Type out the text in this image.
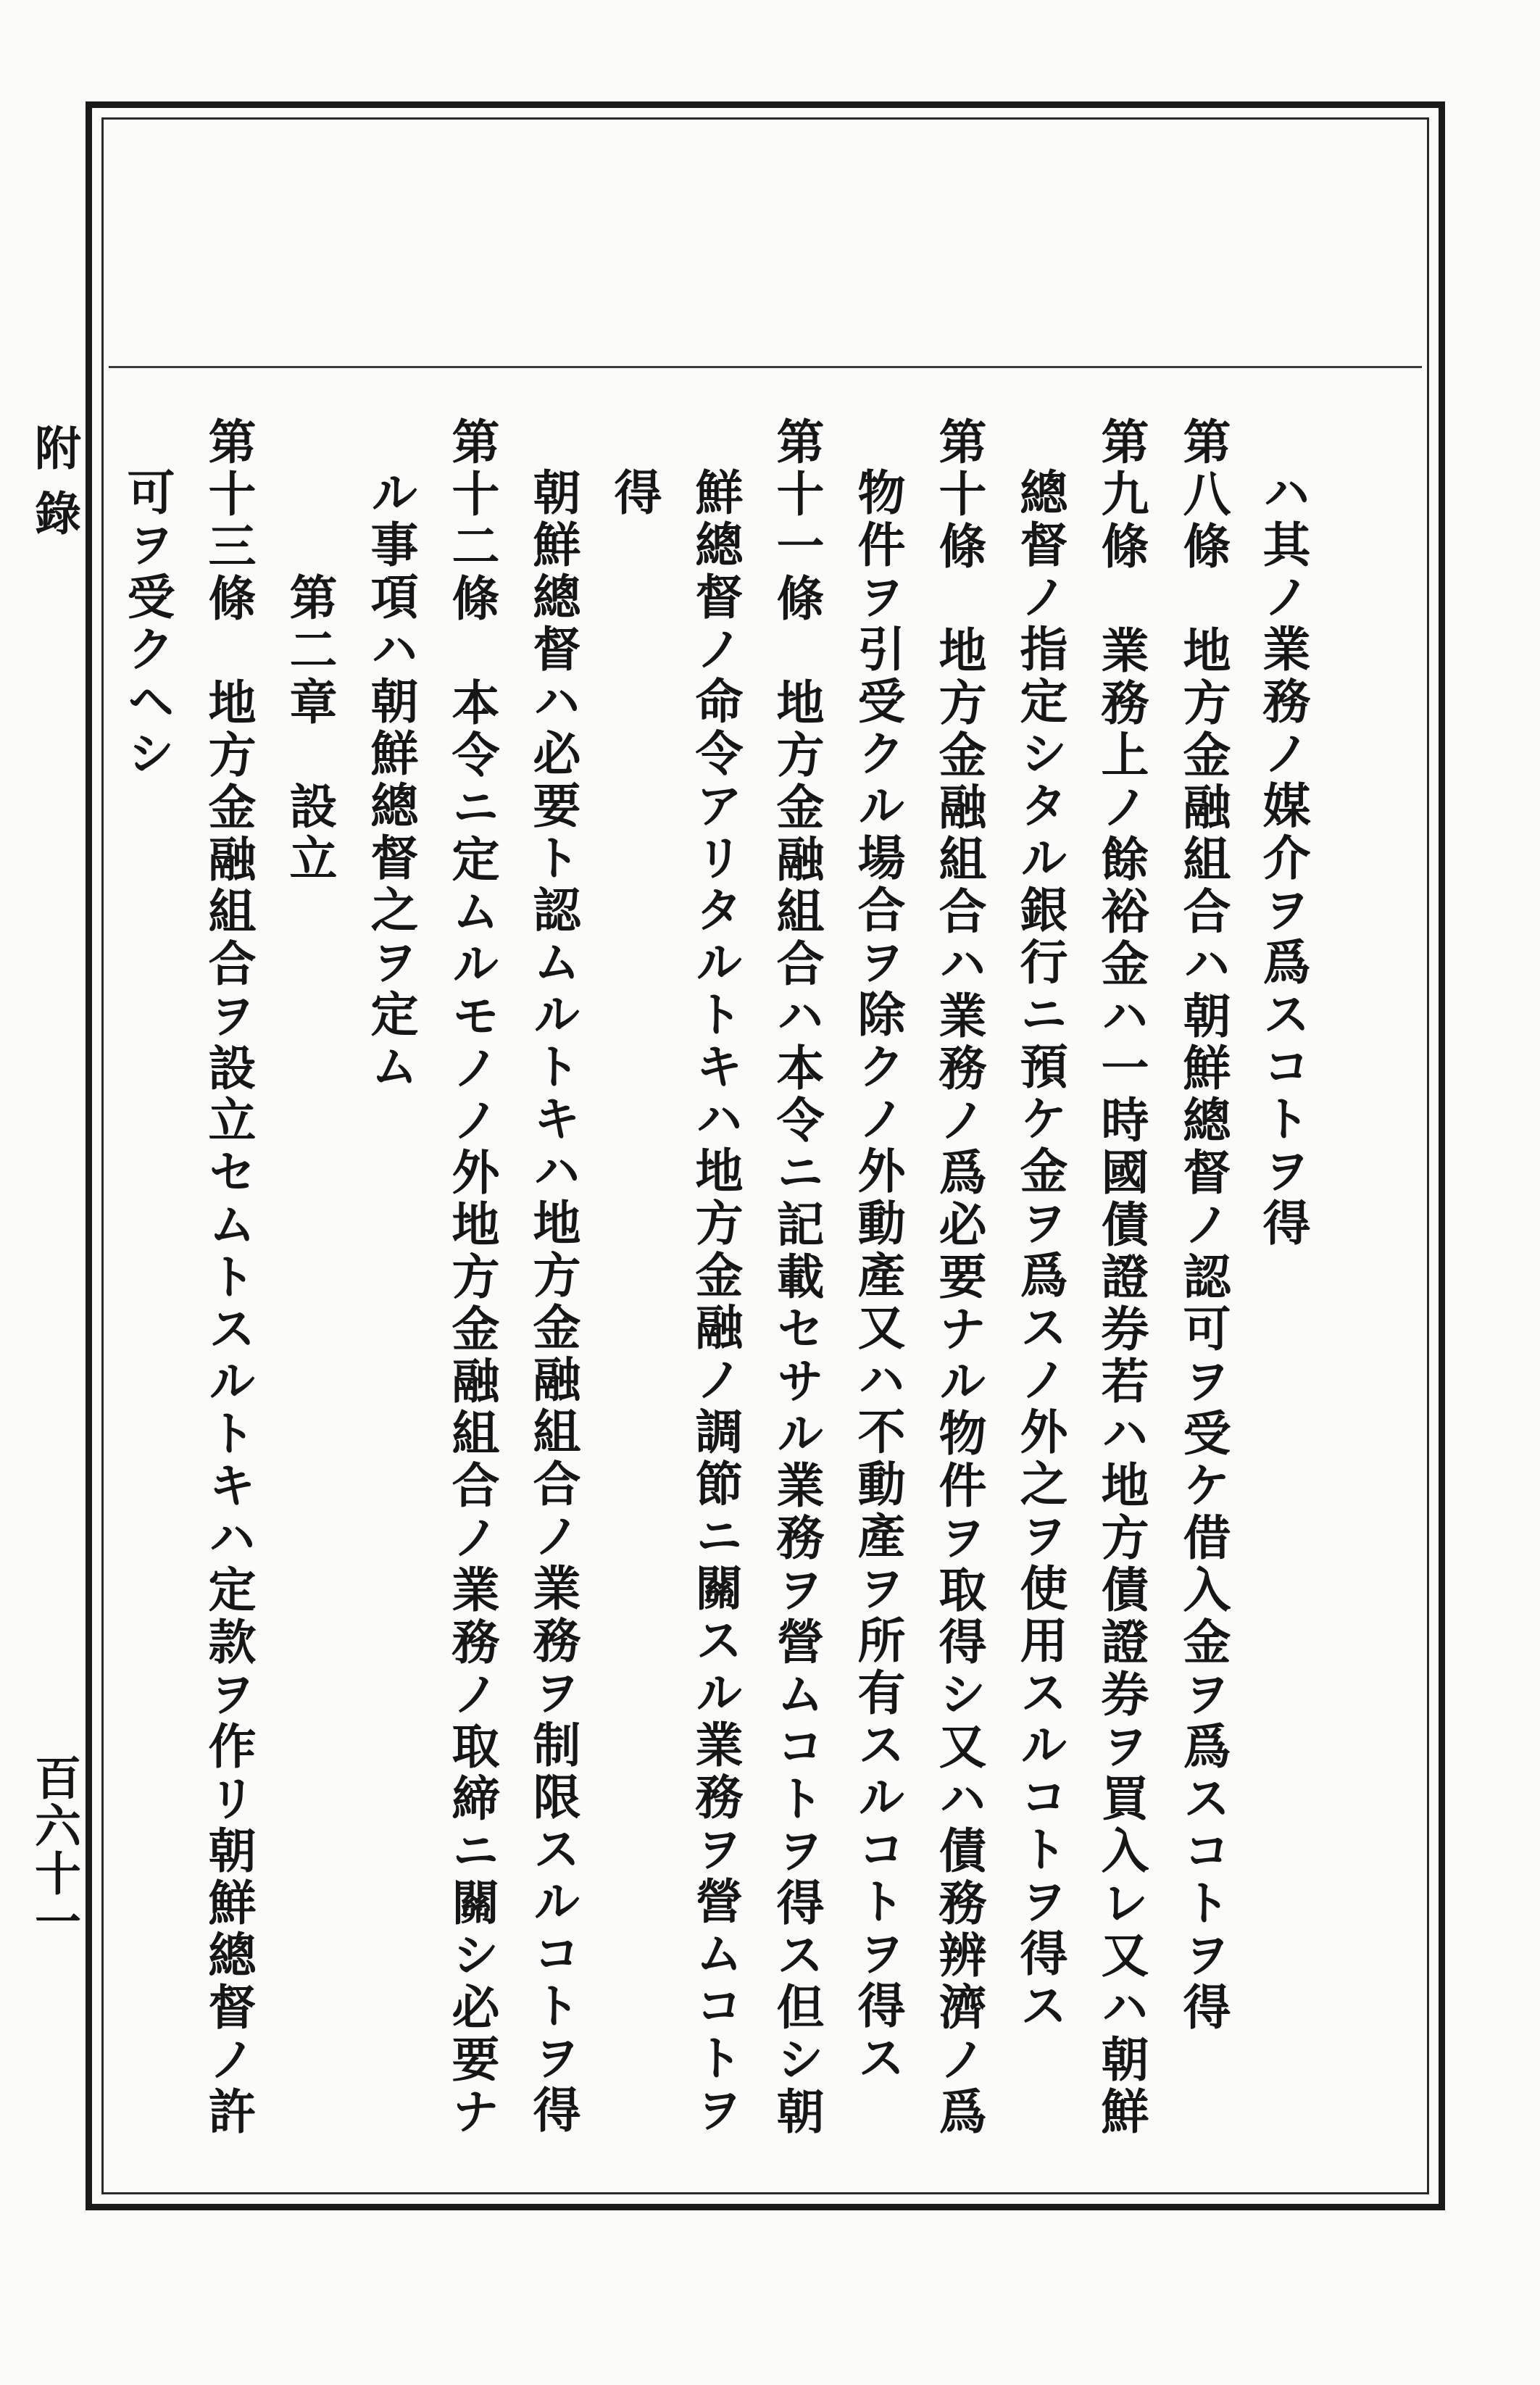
附錄
百六十一
ハ其ノ業務ノ媒介ヲ爲スコトヲ得
第八條　地方金融組合ハ朝鮮總督ノ認可ヲ受ケ借入金ヲ爲スコトヲ得
第九條　業務上ノ餘裕金ハ一時國債證券若ハ地方債證券ヲ買入レ又ハ朝鮮
總督ノ指定シタル銀行ニ預ケ金ヲ爲スノ外之ヲ使用スルコトヲ得ス
第十條　地方金融組合ハ業務ノ爲必要ナル物件ヲ取得シ又ハ債務辨濟ノ爲
物件ヲ引受クル場合ヲ除クノ外動產又ハ不動產ヲ所有スルコトヲ得ス
第十一條　地方金融組合ハ本令ニ記載セサル業務ヲ營ムコトヲ得ス但シ朝
鮮總督ノ命令アリタルトキハ地方金融ノ調節ニ關スル業務ヲ營ムコトヲ
得
朝鮮總督ハ必要ト認ムルトキハ地方金融組合ノ業務ヲ制限スルコトヲ得
第十二條　本令ニ定ムルモノノ外地方金融組合ノ業務ノ取締ニ關シ必要ナ
ル事項ハ朝鮮總督之ヲ定ム
第二章　設立
第十三條　地方金融組合ヲ設立セムトスルトキハ定款ヲ作リ朝鮮總督ノ許
可ヲ受クヘシ
